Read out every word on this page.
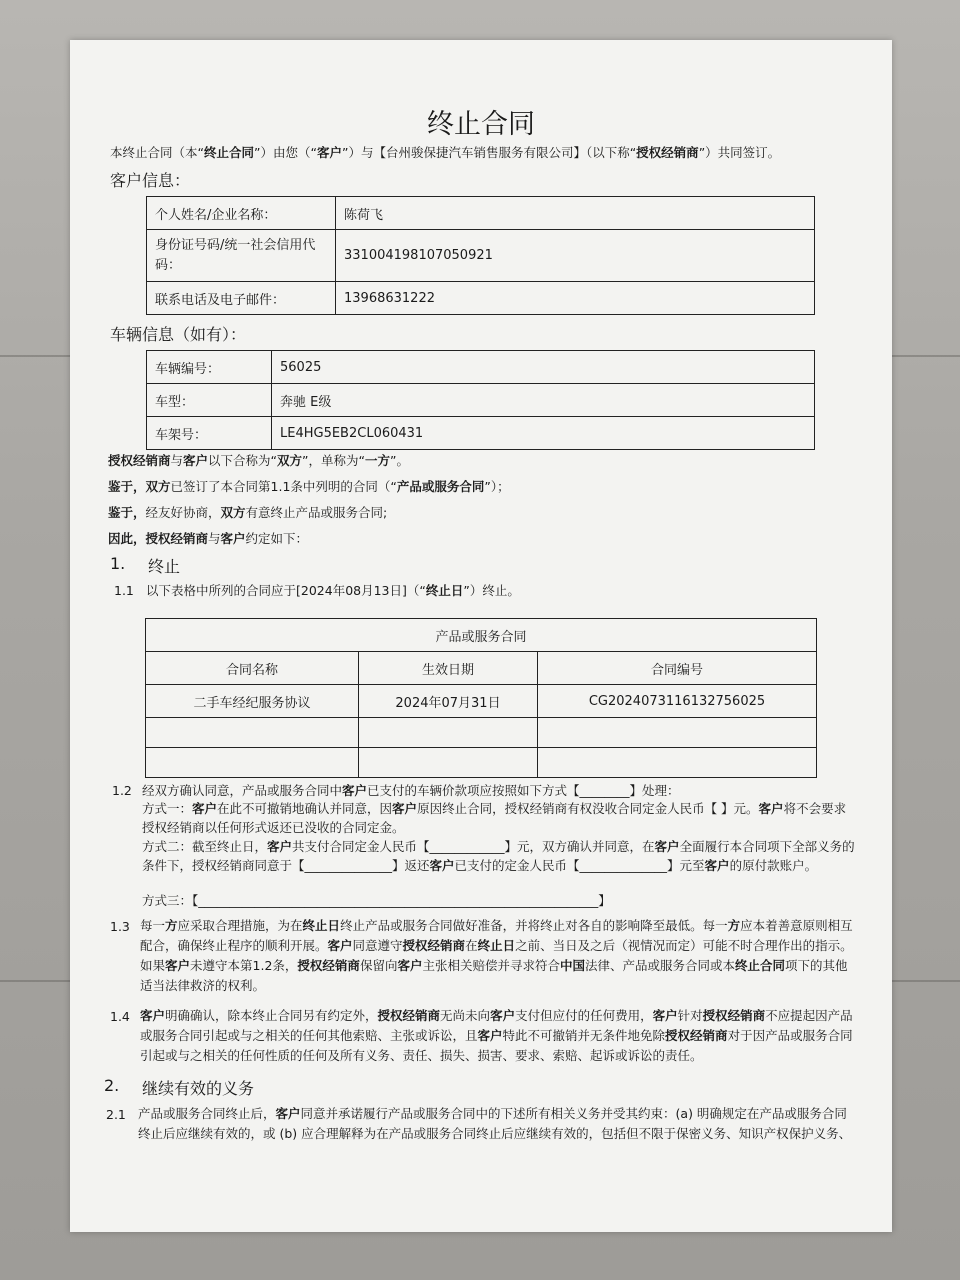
终止合同
本终止合同（本“终止合同”）由您（“客户”）与【台州骏保捷汽车销售服务有限公司】（以下称“授权经销商”）共同签订。
客户信息：
个人姓名/企业名称：	陈荷飞
身份证号码/统一社会信用代码：	331004198107050921
联系电话及电子邮件：	13968631222
车辆信息（如有）：
车辆编号：	56025
车型：	奔驰 E级
车架号：	LE4HG5EB2CL060431
授权经销商与客户以下合称为“双方”，单称为“一方”。
鉴于，双方已签订了本合同第1.1条中列明的合同（“产品或服务合同”）；
鉴于，经友好协商，双方有意终止产品或服务合同;
因此，授权经销商与客户约定如下：
1. 终止
1.1 以下表格中所列的合同应于[2024年08月13日]（“终止日”）终止。
产品或服务合同		
合同名称	生效日期	合同编号
二手车经纪服务协议	2024年07月31日	CG20240731161327560​25

1.2 经双方确认同意，产品或服务合同中客户已支付的车辆价款项应按照如下方式【________】处理：
方式一：客户在此不可撤销地确认并同意，因客户原因终止合同，授权经销商有权没收合同定金人民币【 】元。客户将不会要求授权经销商以任何形式返还已没收的合同定金。
方式二：截至终止日，客户共支付合同定金人民币【____________】元，双方确认并同意，在客户全面履行本合同项下全部义务的条件下，授权经销商同意于【______________】返还客户已支付的定金人民币【______________】元至客户的原付款账户。
方式三：【________________________________________________________________】
1.3 每一方应采取合理措施，为在终止日终止产品或服务合同做好准备，并将终止对各自的影响降至最低。每一方应本着善意原则相互配合，确保终止程序的顺利开展。客户同意遵守授权经销商在终止日之前、当日及之后（视情况而定）可能不时合理作出的指示。如果客户未遵守本第1.2条，授权经销商保留向客户主张相关赔偿并寻求符合中国法律、产品或服务合同或本终止合同项下的其他适当法律救济的权利。
1.4 客户明确确认，除本终止合同另有约定外，授权经销商无尚未向客户支付但应付的任何费用，客户针对授权经销商不应提起因产品或服务合同引起或与之相关的任何其他索赔、主张或诉讼，且客户特此不可撤销并无条件地免除授权经销商对于因产品或服务合同引起或与之相关的任何性质的任何及所有义务、责任、损失、损害、要求、索赔、起诉或诉讼的责任。
2. 继续有效的义务
2.1 产品或服务合同终止后，客户同意并承诺履行产品或服务合同中的下述所有相关义务并受其约束：(a) 明确规定在产品或服务合同终止后应继续有效的，或 (b) 应合理解释为在产品或服务合同终止后应继续有效的，包括但不限于保密义务、知识产权保护义务、
